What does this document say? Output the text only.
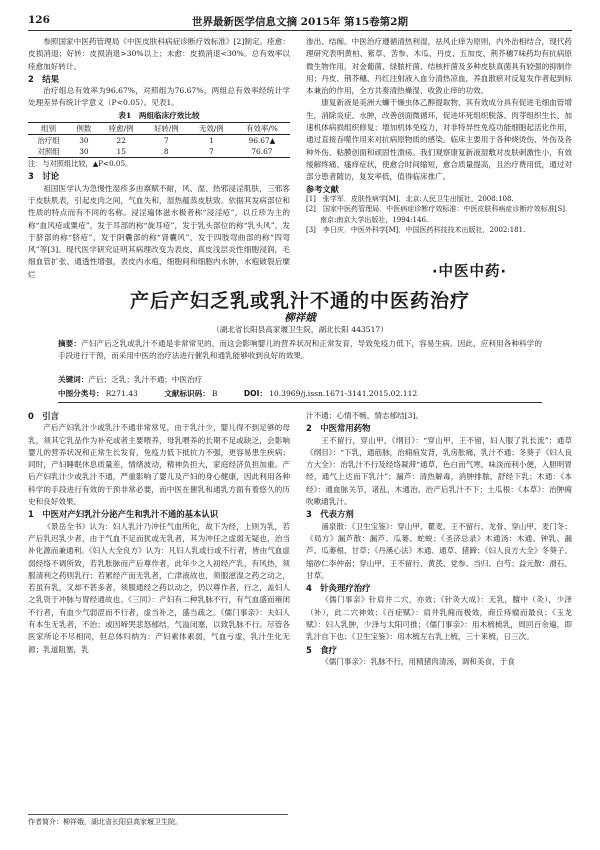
126	世界最新医学信息文摘 2015年 第15卷第2期

参照国家中医药管理局《中医皮肤科病症诊断疗效标准》[2]制定。痊愈：皮损消退；好转：皮损消退>30%以上；未愈：皮损消退<30%。总有效率以痊愈加好转计。

2　结果

治疗组总有效率为96.67%，对照组为76.67%，两组总有效率经统计学处理差异有统计学意义（P<0.05）。见表1。

表1　两组临床疗效比较

组别	例数	痊愈/例	好转/例	无效/例	有效率/%
治疗组	30	22	7	1	96.67▲
对照组	30	15	8	7	76.67

注：与对照组比较，▲P<0.05。

3　讨论

祖国医学认为急慢性湿疹多由禀赋不耐，风、湿、热邪浸淫肌肤，三邪客于皮肤肌表，引起皮肉之间，气血失和，湿热蕴蒸皮肤致。依据其发病部位和性质的特点而有不同的名称。浸淫遍体滋水极者称“浸淫疮”，以丘疹为主的称“血风疮或粟疮”，发于耳部的称“旋耳疮”，发于乳头部位的称“乳头风”，发于脐部的称“脐疮”，发于阴囊部的称“肾囊风”，发于四肢弯曲部的称“四弯风”等[3]。现代医学研究证明其病理改变为表皮、真皮浅层炎性细胞浸润，毛细血管扩张、通透性增强，表皮内水疱，细胞间和细胞内水肿，水疱破裂后糜烂

渗出、结痂。中医治疗遵循清热利湿，祛风止痒为原则，内外治相结合，现代药理研究表明黄柏、紫草、苦参、木瓜、丹皮、五加皮、荆芥穗7味药均有抗病原微生物作用，对金葡菌、绿脓杆菌、结核杆菌及多种皮肤真菌具有较强的抑制作用；丹皮、荆芥穗、丹红注射液入血分清热凉血，养血散瘀对反复发作者起到标本兼治的作用，全方共奏清热燥湿、收敛止痒的功效。

康复新液是美洲大蠊干燥虫体乙醇提取物，其有效成分具有促进毛细血管增生，消除炎症、水肿，改善创面微循环，促进坏死组织脱落、肉芽组织生长，加速机体病损组织修复；增加机体免疫力，对非特异性免疫功能细胞起活化作用，通过直接吞噬作用来对抗病原物质的感染。临床主要用于各种烧烫伤、外伤及各种外伤、粘膜创面和顽固性溃疡。我们观察康复新液湿敷对皮肤刺激性小，有效缓解疼痛、瘙痒症状，使愈合时间缩短，愈合质量提高，且治疗费用低，通过对部分患者随访，复发率低，值得临床推广。

参考文献

[1]　张学军．皮肤性病学[M]．北京:人民卫生出版社，2008:108.

[2]　国家中医药管理局．中医病症诊断疗效标准：中医皮肤科病症诊断疗效标准[S]．南京:南京大学出版社，1994:146.

[3]　李日庆．中医外科学[M]．中国医药科技技术出版社，2002:181.

·中医中药·
产后产妇乏乳或乳汁不通的中医药治疗
柳祥娥
（湖北省长阳县高家堰卫生院，湖北长阳 443517）
摘要：产妇产后乏乳或乳汁不通是非常常见的，而这会影响婴儿的营养状况和正常发育，导致免疫力低下，容易生病。因此，应利用各种科学的手段进行干预，而采用中医的治疗法进行催乳和通乳能够收到良好的效果。
关键词：产后；乏乳；乳汁不通；中医治疗
中图分类号： R271.43	文献标识码： B	DOI： 10.3969/j.issn.1671-3141.2015.02.112

0　引言

产后产妇乳汁少或乳汁不通非常常见，由于乳汁少，婴儿得不到足够的母乳，须其它乳品作为补充或者主要喂养，母乳喂养的长期不足或缺乏，会影响婴儿的营养状况和正常生长发育，免疫力低下抵抗力不强，更容易患生疾病；同时，产妇睡眠休息质量差，情绪波动，精神负担大，家庭经济负担加重。产后产妇乳汁少或乳汁不通，严重影响了婴儿及产妇的身心健康，因此利用各种科学的手段进行有效的干预非常必要，而中医在催乳和通乳方面有着悠久的历史和良好效果。

1　中医对产妇乳汁分泌产生和乳汁不通的基本认识

《景岳全书》认为：妇人乳汁乃冲任气血所化，故下为经，上则为乳，若产后乳迟乳少者，由于气血不足而犹或无乳者，其为冲任之虚弱无疑也，治当补化源而兼通利。《妇人大全良方》认为：凡妇人乳或行或不行者，皆由气血虚弱经络不调所致，若乳胀脉而产后尊作者，此年少之人初经产乳，有风热，须服清利之药则乳行；若累经产而无乳者，亡津液故也，须服滋湿之药之动之，若虽有乳，又却不甚多者，须服通经之药以动之，仍以尊作者，行之，盖妇人之乳资于冲脉与胃经通故也。《三同》：产妇有二种乳脉不行，有气血盛而雍闭不行者，有血少气弱涩而不行者，虚当补之，盛当疏之。《儒门事亲》：夫妇人有本生无乳者，不治；或因啼哭悲怒郁结，气溢闭塞，以致乳脉不行。尽管各医家所论不尽相同，但总体归纳为：产妇素体素弱，气血亏虚，乳汁生化无源；乳道阻塞，乳

汁不通；心情不畅，情志郁结[3]。

2　中医常用药物

王不留行，穿山甲，《纲目》：“穿山甲，王不留，妇人服了乳长流”；通草《纲目》：“下乳，通筋脉，治痈疽发背，乳房胀痛，乳汁不通；冬葵子《妇人良方大全》：治乳汁不行及经络凝滞“通草，色白而气寒，味淡而利小便，入胆明胃经，通气上达而下乳汁”；漏芦：清热解毒，消肿排脓，舒经下乳；木通：《本经》：通血脉关节，诸乱，木通治、治产后乳汁不下；土瓜根：《本草》：治肿痈吹嗽通乳汁。

3　代表方剂

涌泉散：《卫生宝鉴》：穿山甲、瞿麦、王不留行、龙骨、穿山甲、麦门冬；《局方》漏芦散：漏芦、瓜蒌、蛇蜕；《圣济总录》木通汤：木通、钟乳、漏芦、瓜蒌根、甘草；《丹溪心法》木通、通草、猪蹄；《妇人良方大全》冬葵子、缩砂仁李仲南；穿山甲、王不留行、黄芪、党参、当归、白芍；益元散：滑石、甘草。

4　针灸理疗治疗

《儒门事亲》针肩井二穴，亦效；《针灸大成》：无乳，膻中（灸），少泽（补），此二穴神效；《百症赋》：肩井乳痈而极效，商丘痔瘤而最良；《玉龙赋》：妇人乳肿，少泽与太阳可推；《儒门事亲》：用木梳梳乳，周回百余遍，即乳汁自下也；《卫生宝鉴》：用木梳左右乳上梳，三十来梳，日三次。

5　食疗

《儒门事亲》：乳脉不行，用精猪肉清汤，调和美食，于食

作者简介：柳祥娥，湖北省长阳县高家堰卫生院。
